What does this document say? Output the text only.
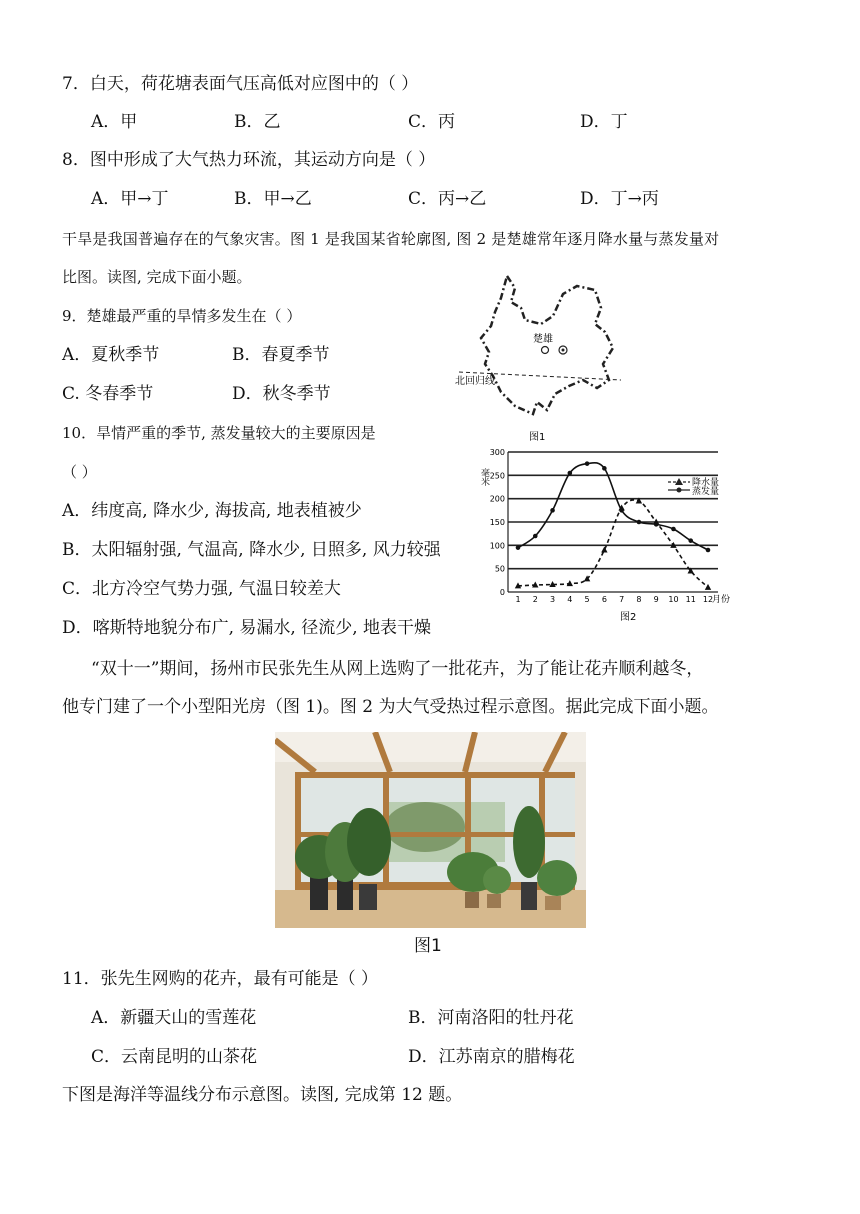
7．白天，荷花塘表面气压高低对应图中的（ ）
A．甲	B．乙	C．丙	D．丁
8．图中形成了大气热力环流，其运动方向是（ ）
A．甲→丁	B．甲→乙	C．丙→乙	D．丁→丙
干旱是我国普遍存在的气象灾害。图 1 是我国某省轮廓图, 图 2 是楚雄常年逐月降水量与蒸发量对
比图。读图, 完成下面小题。
9．楚雄最严重的旱情多发生在（ ）
A．夏秋季节	B．春夏季节
C. 冬春季节	D．秋冬季节
10．旱情严重的季节, 蒸发量较大的主要原因是
（ ）
A．纬度高, 降水少, 海拔高, 地表植被少
B．太阳辐射强, 气温高, 降水少, 日照多, 风力较强
C．北方冷空气势力强, 气温日较差大
D．喀斯特地貌分布广, 易漏水, 径流少, 地表干燥
楚雄
北回归线
图1
0
50
100
150
200
250
300
1 2 3 4 5 6 7 8 9 10 11 12
毫米
月份
降水量
蒸发量
图2
“双十一”期间，扬州市民张先生从网上选购了一批花卉，为了能让花卉顺利越冬，
他专门建了一个小型阳光房（图 1)。图 2 为大气受热过程示意图。据此完成下面小题。
图1
11．张先生网购的花卉，最有可能是（ ）
A．新疆天山的雪莲花	B．河南洛阳的牡丹花
C．云南昆明的山茶花	D．江苏南京的腊梅花
下图是海洋等温线分布示意图。读图, 完成第 12 题。
